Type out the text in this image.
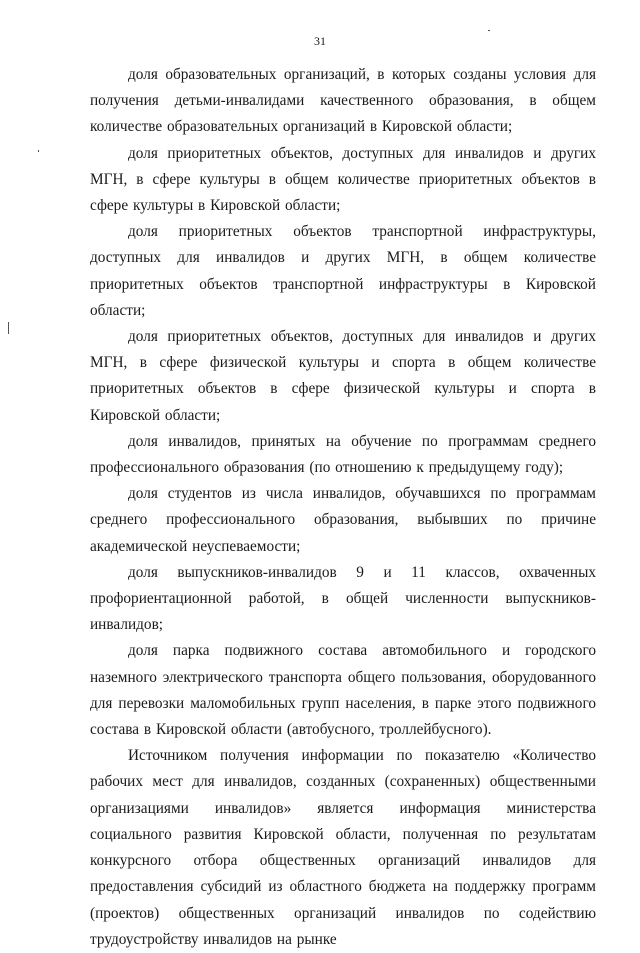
31

доля образовательных организаций, в которых созданы условия для получения детьми-инвалидами качественного образования, в общем количестве образовательных организаций в Кировской области;

доля приоритетных объектов, доступных для инвалидов и других МГН, в сфере культуры в общем количестве приоритетных объектов в сфере культуры в Кировской области;

доля приоритетных объектов транспортной инфраструктуры, доступных для инвалидов и других МГН, в общем количестве приоритетных объектов транспортной инфраструктуры в Кировской области;

доля приоритетных объектов, доступных для инвалидов и других МГН, в сфере физической культуры и спорта в общем количестве приоритетных объектов в сфере физической культуры и спорта в Кировской области;

доля инвалидов, принятых на обучение по программам среднего профессионального образования (по отношению к предыдущему году);

доля студентов из числа инвалидов, обучавшихся по программам среднего профессионального образования, выбывших по причине академической неуспеваемости;

доля выпускников-инвалидов 9 и 11 классов, охваченных профориентационной работой, в общей численности выпускников-инвалидов;

доля парка подвижного состава автомобильного и городского наземного электрического транспорта общего пользования, оборудованного для перевозки маломобильных групп населения, в парке этого подвижного состава в Кировской области (автобусного, троллейбусного).

Источником получения информации по показателю «Количество рабочих мест для инвалидов, созданных (сохраненных) общественными организациями инвалидов» является информация министерства социального развития Кировской области, полученная по результатам конкурсного отбора общественных организаций инвалидов для предоставления субсидий из областного бюджета на поддержку программ (проектов) общественных организаций инвалидов по содействию трудоустройству инвалидов на рынке
